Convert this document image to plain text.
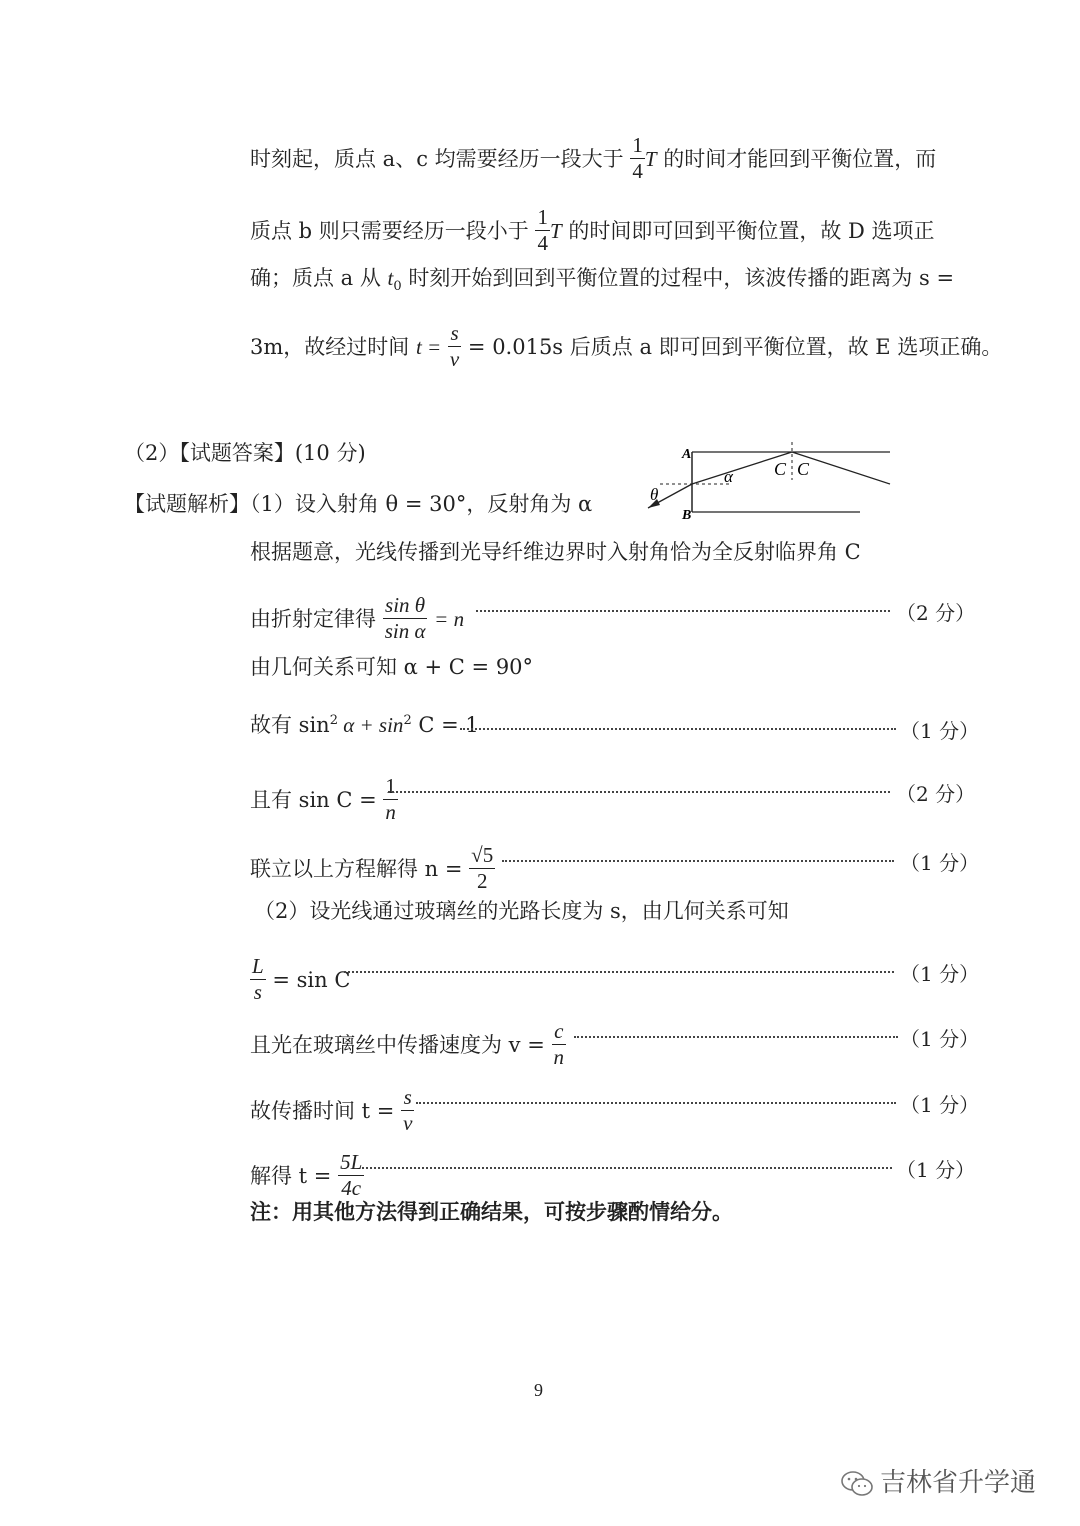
时刻起，质点 a、c 均需要经历一段大于 $\frac{1}{4}$ T 的时间才能回到平衡位置，而
质点 b 则只需要经历一段小于 $\frac{1}{4}$ T 的时间即可回到平衡位置，故 D 选项正
确；质点 a 从 $t_0$ 时刻开始到回到平衡位置的过程中，该波传播的距离为 s =
3m，故经过时间 $t = \frac{s}{v} = 0.015s$ 后质点 a 即可回到平衡位置，故 E 选项正确。
（2）【试题答案】(10 分)
【试题解析】（1）设入射角 θ = 30°，反射角为 α
A
B
α
θ
C C
根据题意，光线传播到光导纤维边界时入射角恰为全反射临界角 C
由折射定律得 $\frac{\text{sin θ}}{\text{sin α}} = n$	（2 分）
由几何关系可知 α + C = 90°
故有 $\sin^2 \alpha + \sin^2 C = 1$	（1 分）
且有 $\sin C = \frac{1}{n}$	（2 分）
联立以上方程解得 $n = \frac{√5}{2}$	（1 分）
（2）设光线通过玻璃丝的光路长度为 s，由几何关系可知
$\frac{L}{s} = \sin C$	（1 分）
且光在玻璃丝中传播速度为 $v = \frac{c}{n}$	（1 分）
故传播时间 $t = \frac{s}{v}$	（1 分）
解得 $t = \frac{5L}{4c}$	（1 分）
注：用其他方法得到正确结果，可按步骤酌情给分。
9
吉林省升学通
